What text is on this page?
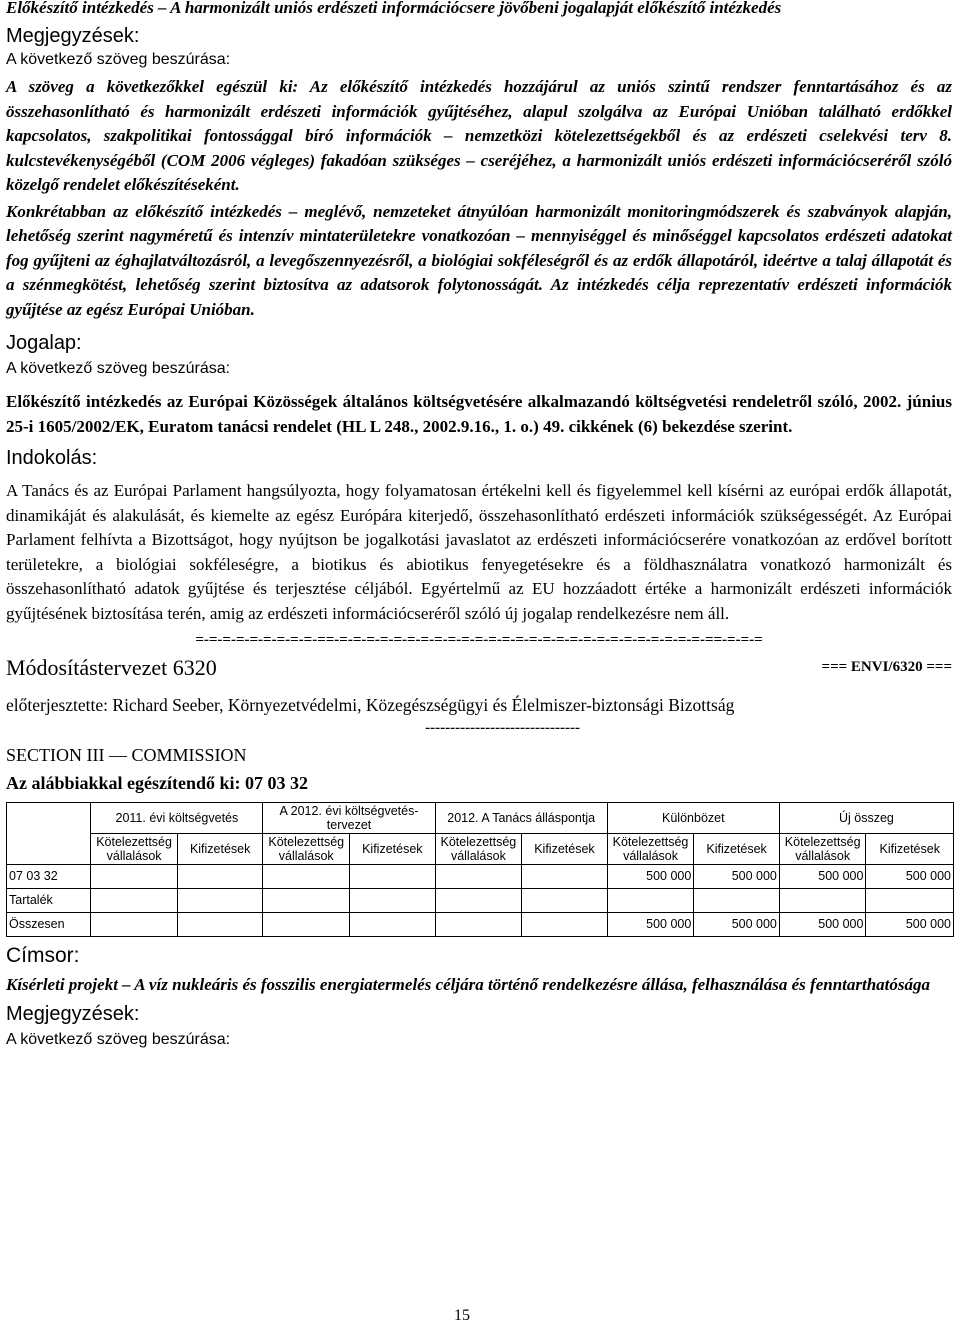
Előkészítő intézkedés – A harmonizált uniós erdészeti információcsere jövőbeni jogalapját előkészítő intézkedés

Megjegyzések:

A következő szöveg beszúrása:

A szöveg a következőkkel egészül ki: Az előkészítő intézkedés hozzájárul az uniós szintű rendszer fenntartásához és az összehasonlítható és harmonizált erdészeti információk gyűjtéséhez, alapul szolgálva az Európai Unióban található erdőkkel kapcsolatos, szakpolitikai fontossággal bíró információk – nemzetközi kötelezettségekből és az erdészeti cselekvési terv 8. kulcstevékenységéből (COM 2006 végleges) fakadóan szükséges – cseréjéhez, a harmonizált uniós erdészeti információcseréről szóló közelgő rendelet előkészítéseként.

Konkrétabban az előkészítő intézkedés – meglévő, nemzeteket átnyúlóan harmonizált monitoringmódszerek és szabványok alapján, lehetőség szerint nagyméretű és intenzív mintaterületekre vonatkozóan – mennyiséggel és minőséggel kapcsolatos erdészeti adatokat fog gyűjteni az éghajlatváltozásról, a levegőszennyezésről, a biológiai sokféleségről és az erdők állapotáról, ideértve a talaj állapotát és a szénmegkötést, lehetőség szerint biztosítva az adatsorok folytonosságát. Az intézkedés célja reprezentatív erdészeti információk gyűjtése az egész Európai Unióban.

Jogalap:

A következő szöveg beszúrása:

Előkészítő intézkedés az Európai Közösségek általános költségvetésére alkalmazandó költségvetési rendeletről szóló, 2002. június 25-i 1605/2002/EK, Euratom tanácsi rendelet (HL L 248., 2002.9.16., 1. o.) 49. cikkének (6) bekezdése szerint.

Indokolás:

A Tanács és az Európai Parlament hangsúlyozta, hogy folyamatosan értékelni kell és figyelemmel kell kísérni az európai erdők állapotát, dinamikáját és alakulását, és kiemelte az egész Európára kiterjedő, összehasonlítható erdészeti információk szükségességét. Az Európai Parlament felhívta a Bizottságot, hogy nyújtson be jogalkotási javaslatot az erdészeti információcserére vonatkozóan az erdővel borított területekre, a biológiai sokféleségre, a biotikus és abiotikus fenyegetésekre és a földhasználatra vonatkozó harmonizált és összehasonlítható adatok gyűjtése és terjesztése céljából. Egyértelmű az EU hozzáadott értéke a harmonizált erdészeti információk gyűjtésének biztosítása terén, amig az erdészeti információcseréről szóló új jogalap rendelkezésre nem áll.

=-=-=-=-=-=-=-=-=-==-=-=-=-=-=-=-=-=-=-=-=-=-=-=-=-=-=-=-=-=-=-=-=-=-=-=-=-==-=-=-=

Módosítástervezet 6320	=== ENVI/6320 ===

előterjesztette: Richard Seeber, Környezetvédelmi, Közegészségügyi és Élelmiszer-biztonsági Bizottság

-------------------------------

SECTION III — COMMISSION

Az alábbiakkal egészítendő ki: 07 03 32

	2011. évi költségvetés		A 2012. évi költségvetés-tervezet		2012. A Tanács álláspontja		Különbözet		Új összeg	
	Kötelezettség vállalások	Kifizetések	Kötelezettség vállalások	Kifizetések	Kötelezettség vállalások	Kifizetések	Kötelezettség vállalások	Kifizetések	Kötelezettség vállalások	Kifizetések
07 03 32							500 000	500 000	500 000	500 000
Tartalék										
Összesen							500 000	500 000	500 000	500 000

Címsor:

Kísérleti projekt – A víz nukleáris és fosszilis energiatermelés céljára történő rendelkezésre állása, felhasználása és fenntarthatósága

Megjegyzések:

A következő szöveg beszúrása:

15
